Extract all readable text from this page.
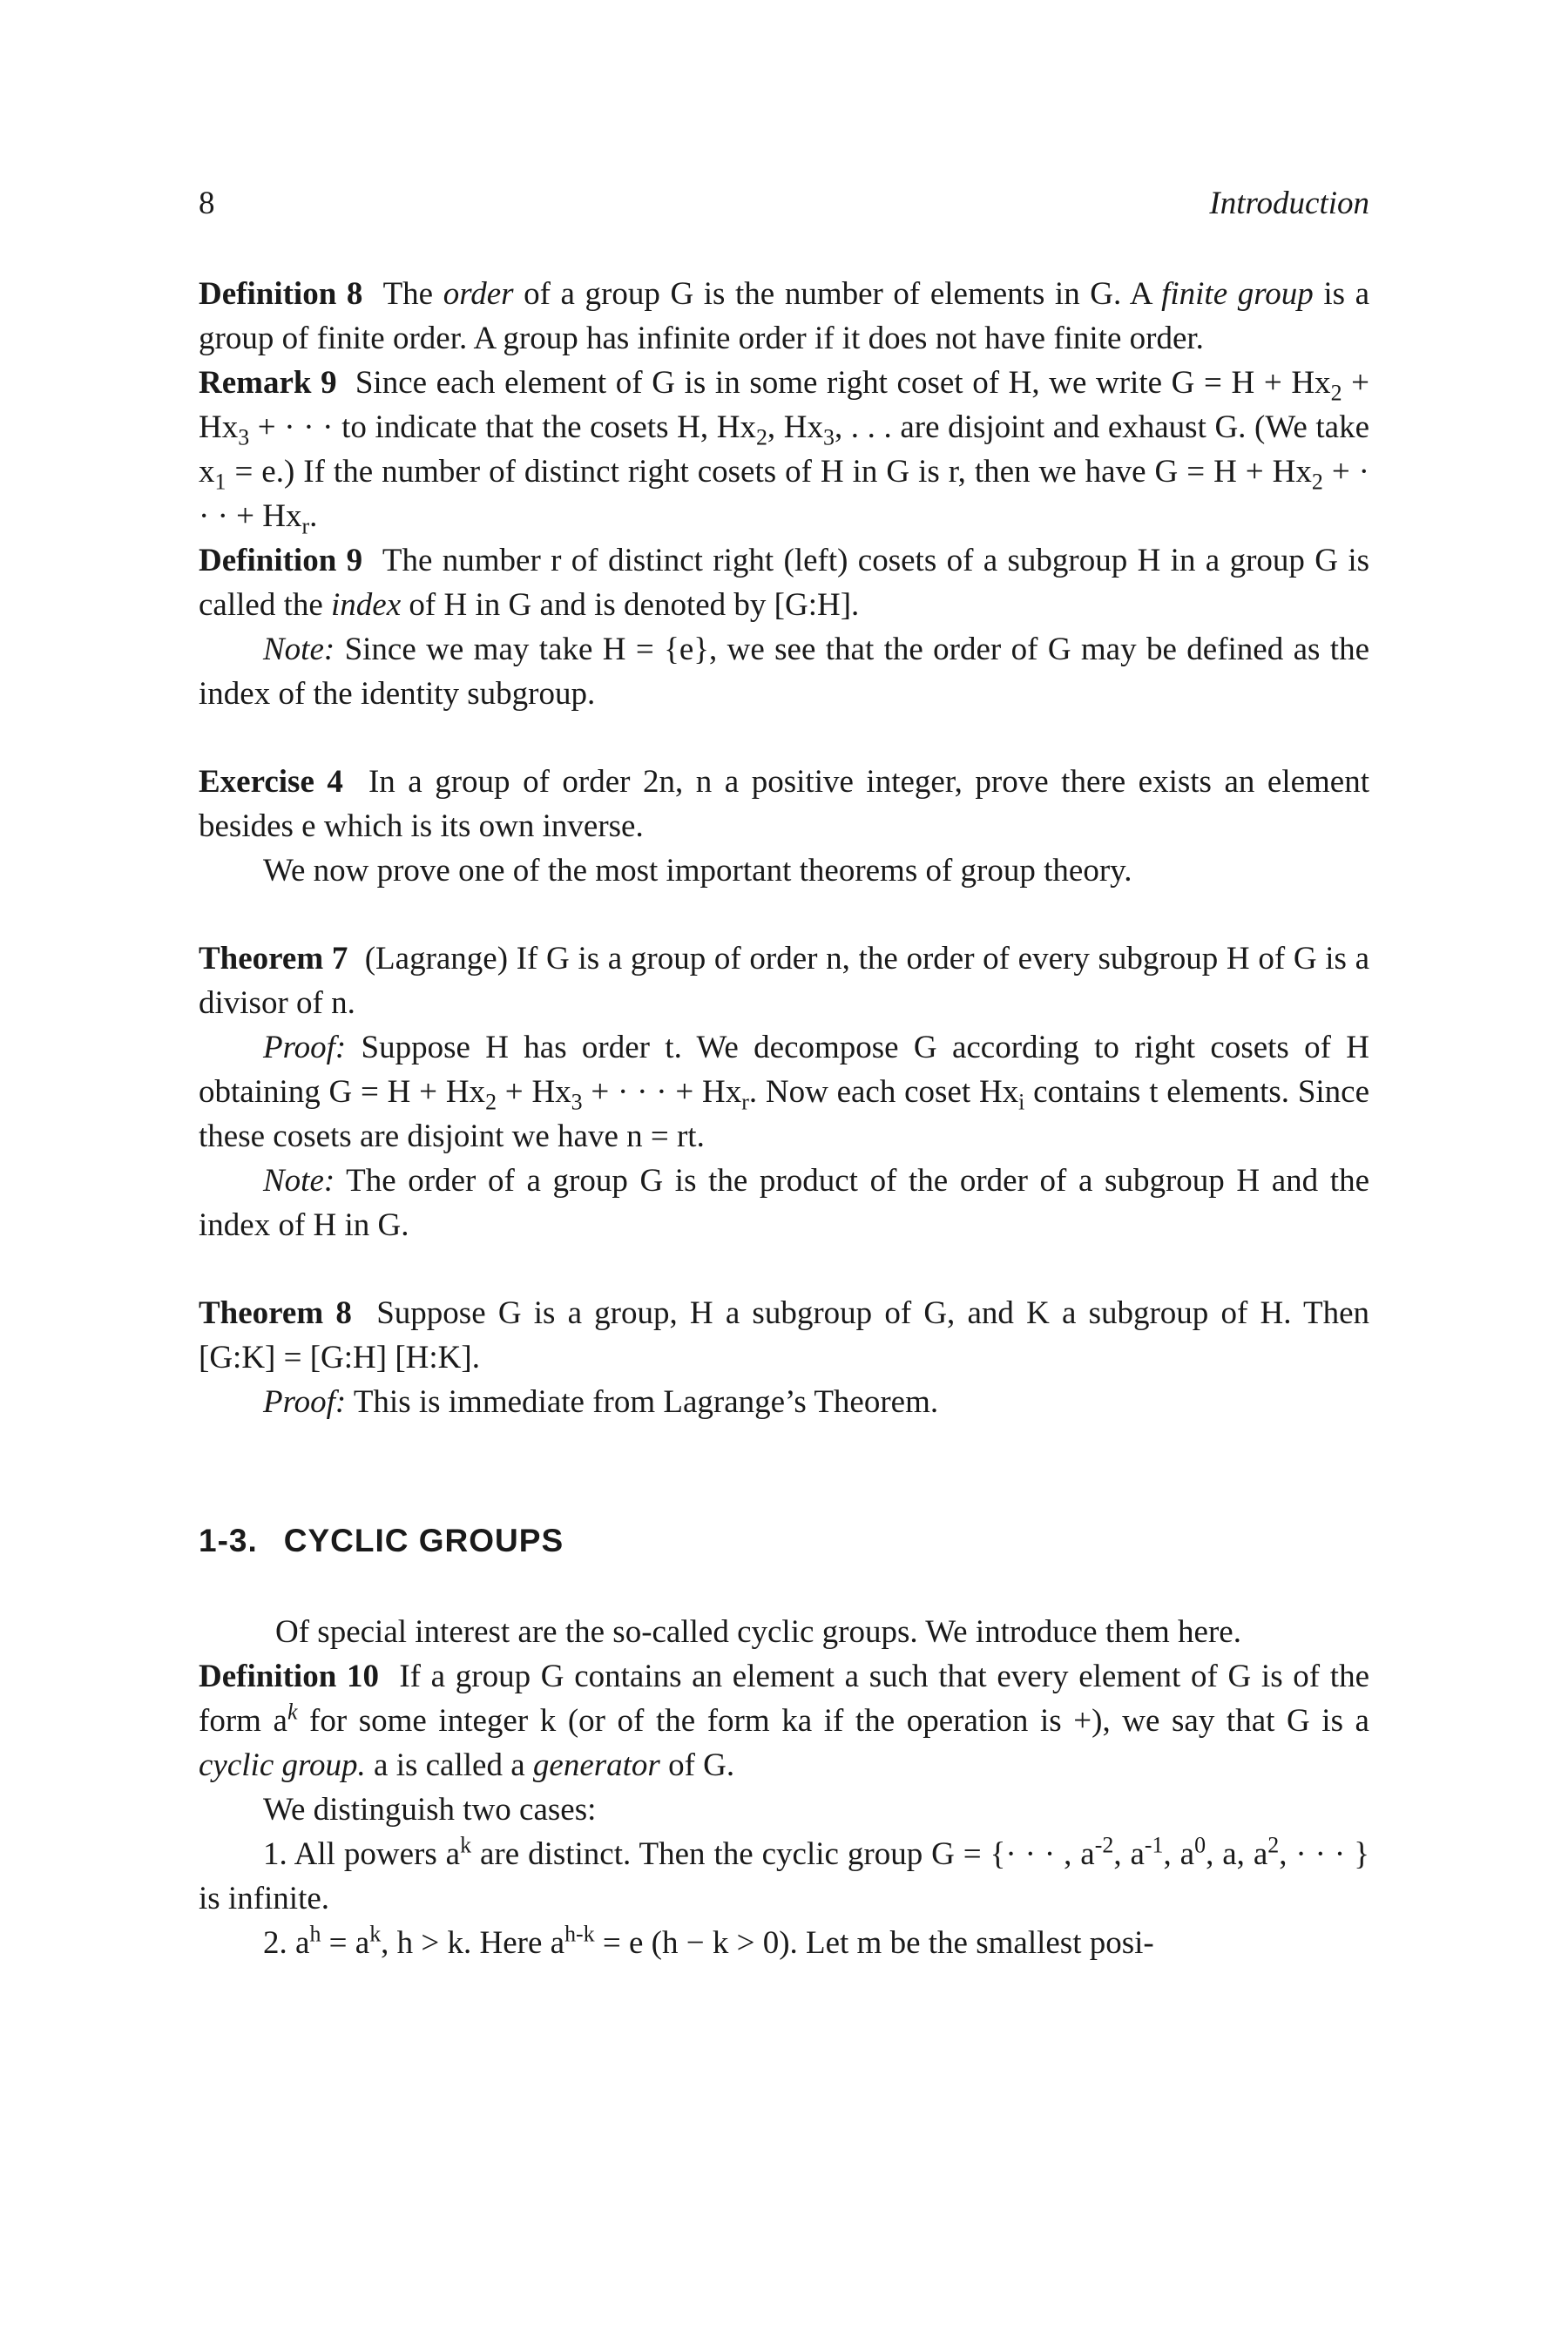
8	Introduction

Definition 8 The order of a group G is the number of elements in G. A finite group is a group of finite order. A group has infinite order if it does not have finite order.

Remark 9 Since each element of G is in some right coset of H, we write $G = H + Hx_2 + Hx_3$ + · · · to indicate that the cosets H, $Hx_2$, $Hx_3$, . . . are disjoint and exhaust G. (We take $x_1 = e$.) If the number of distinct right cosets of H in G is r, then we have $G = H + Hx_2$ + · · · + $Hx_r$.

Definition 9 The number r of distinct right (left) cosets of a subgroup H in a group G is called the index of H in G and is denoted by [G:H].

Note: Since we may take H = {e}, we see that the order of G may be defined as the index of the identity subgroup.

Exercise 4 In a group of order 2n, n a positive integer, prove there exists an element besides e which is its own inverse.

We now prove one of the most important theorems of group theory.

Theorem 7 (Lagrange) If G is a group of order n, the order of every subgroup H of G is a divisor of n.

Proof: Suppose H has order t. We decompose G according to right cosets of H obtaining $G = H + Hx_2 + Hx_3$ + · · · + $Hx_r$. Now each coset $Hx_i$ contains t elements. Since these cosets are disjoint we have n = rt.

Note: The order of a group G is the product of the order of a subgroup H and the index of H in G.

Theorem 8 Suppose G is a group, H a subgroup of G, and K a subgroup of H. Then [G:K] = [G:H] [H:K].

Proof: This is immediate from Lagrange’s Theorem.

1-3. CYCLIC GROUPS

Of special interest are the so-called cyclic groups. We introduce them here.

Definition 10 If a group G contains an element a such that every element of G is of the form $a^k$ for some integer k (or of the form ka if the operation is +), we say that G is a cyclic group. a is called a generator of G.

We distinguish two cases:

1. All powers $a^k$ are distinct. Then the cyclic group G = {· · · , $a^{-2}$, $a^{-1}$, $a^0$, a, $a^2$, · · · } is infinite.

2. $a^h = a^k$, h > k. Here $a^{h-k} = e$ (h − k > 0). Let m be the smallest posi-
